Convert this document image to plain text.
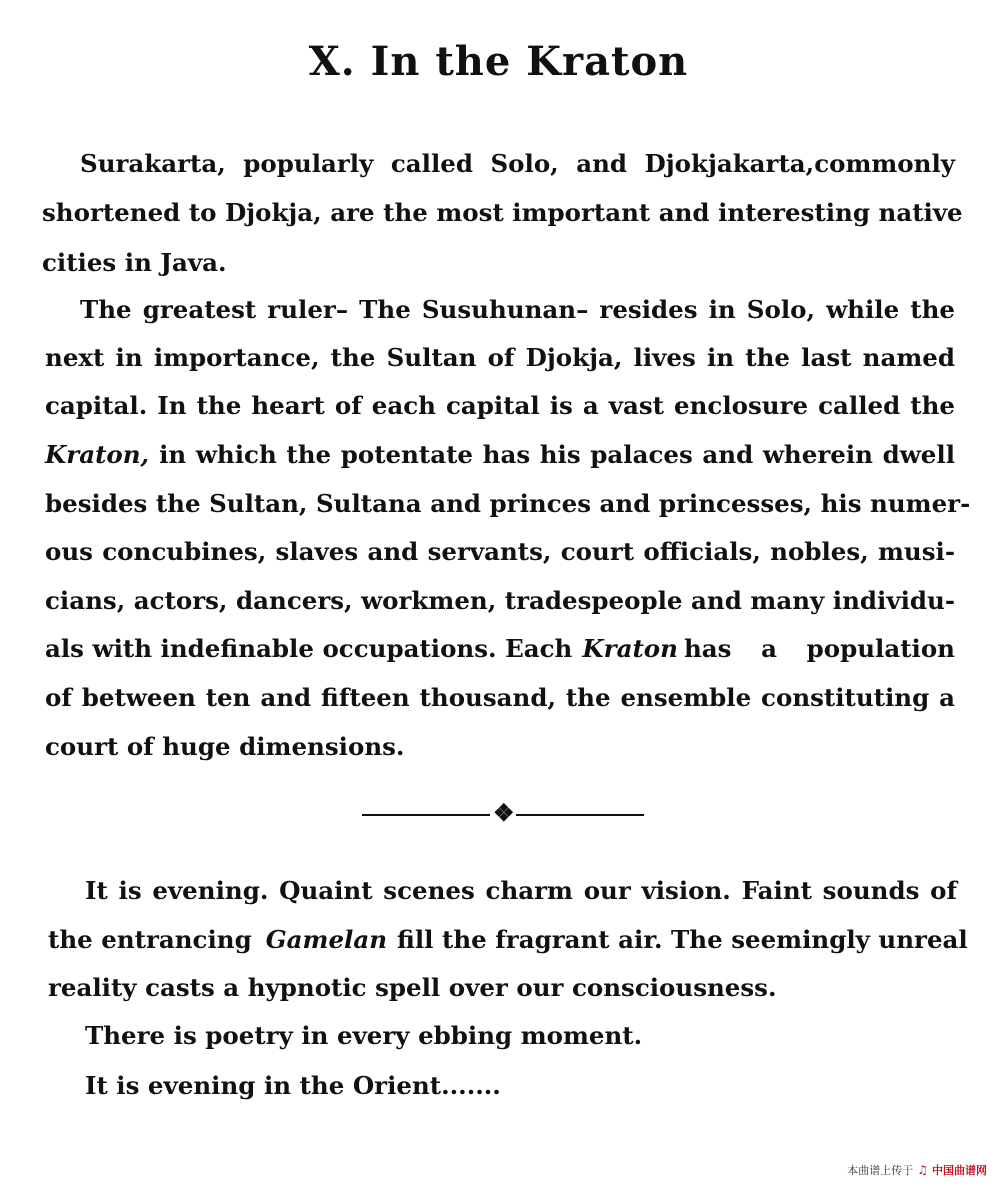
X. In the Kraton
Surakarta, popularly called Solo, and Djokjakarta,commonly
shortened to Djokja, are the most important and interesting native
cities in Java.
The greatest ruler– The Susuhunan– resides in Solo, while the
next in importance, the Sultan of Djokja, lives in the last named
capital. In the heart of each capital is a vast enclosure called the
Kraton, in which the potentate has his palaces and wherein dwell
besides the Sultan, Sultana and princes and princesses, his numer-
ous concubines, slaves and servants, court officials, nobles, musi-
cians, actors, dancers, workmen, tradespeople and many individu-
als with indefinable occupations. Each Kraton has a population
of between ten and fifteen thousand, the ensemble constituting a
court of huge dimensions.
❖
It is evening. Quaint scenes charm our vision. Faint sounds of
the entrancing Gamelan fill the fragrant air. The seemingly unreal
reality casts a hypnotic spell over our consciousness.
There is poetry in every ebbing moment.
It is evening in the Orient.......
本曲谱上传于 ♫ 中国曲谱网
